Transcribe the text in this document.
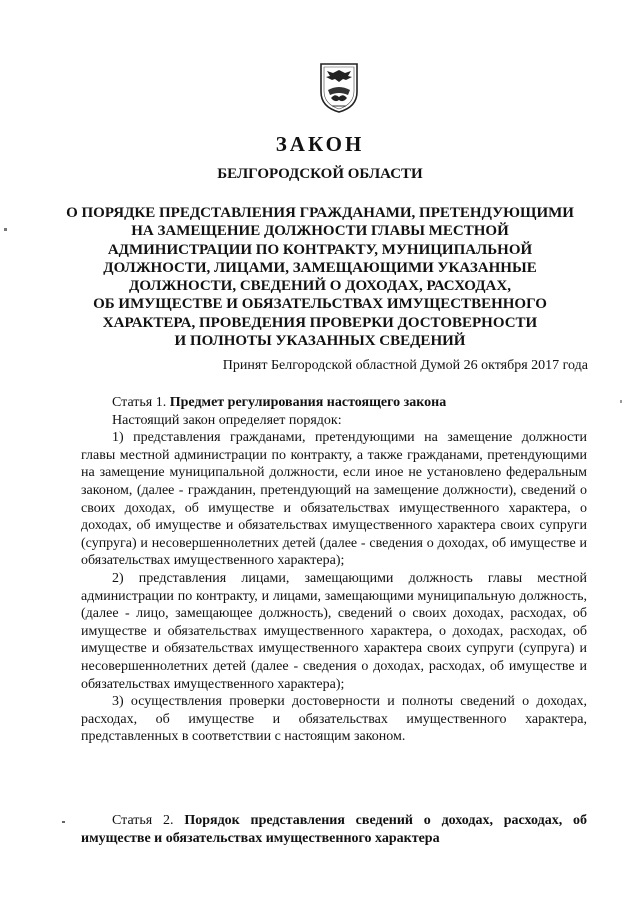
ЗАКОН
БЕЛГОРОДСКОЙ ОБЛАСТИ
О ПОРЯДКЕ ПРЕДСТАВЛЕНИЯ ГРАЖДАНАМИ, ПРЕТЕНДУЮЩИМИ
НА ЗАМЕЩЕНИЕ ДОЛЖНОСТИ ГЛАВЫ МЕСТНОЙ
АДМИНИСТРАЦИИ ПО КОНТРАКТУ, МУНИЦИПАЛЬНОЙ
ДОЛЖНОСТИ, ЛИЦАМИ, ЗАМЕЩАЮЩИМИ УКАЗАННЫЕ
ДОЛЖНОСТИ, СВЕДЕНИЙ О ДОХОДАХ, РАСХОДАХ,
ОБ ИМУЩЕСТВЕ И ОБЯЗАТЕЛЬСТВАХ ИМУЩЕСТВЕННОГО
ХАРАКТЕРА, ПРОВЕДЕНИЯ ПРОВЕРКИ ДОСТОВЕРНОСТИ
И ПОЛНОТЫ УКАЗАННЫХ СВЕДЕНИЙ
Принят Белгородской областной Думой 26 октября 2017 года

Статья 1. Предмет регулирования настоящего закона

Настоящий закон определяет порядок:

1) представления гражданами, претендующими на замещение должности главы местной администрации по контракту, а также гражданами, претендующими на замещение муниципальной должности, если иное не установлено федеральным законом, (далее - гражданин, претендующий на замещение должности), сведений о своих доходах, об имуществе и обязательствах имущественного характера, о доходах, об имуществе и обязательствах имущественного характера своих супруги (супруга) и несовершеннолетних детей (далее - сведения о доходах, об имуществе и обязательствах имущественного характера);

2) представления лицами, замещающими должность главы местной администрации по контракту, и лицами, замещающими муниципальную должность, (далее - лицо, замещающее должность), сведений о своих доходах, расходах, об имуществе и обязательствах имущественного характера, о доходах, расходах, об имуществе и обязательствах имущественного характера своих супруги (супруга) и несовершеннолетних детей (далее - сведения о доходах, расходах, об имуществе и обязательствах имущественного характера);

3) осуществления проверки достоверности и полноты сведений о доходах, расходах, об имуществе и обязательствах имущественного характера, представленных в соответствии с настоящим законом.

Статья 2. Порядок представления сведений о доходах, расходах, об имуществе и обязательствах имущественного характера
